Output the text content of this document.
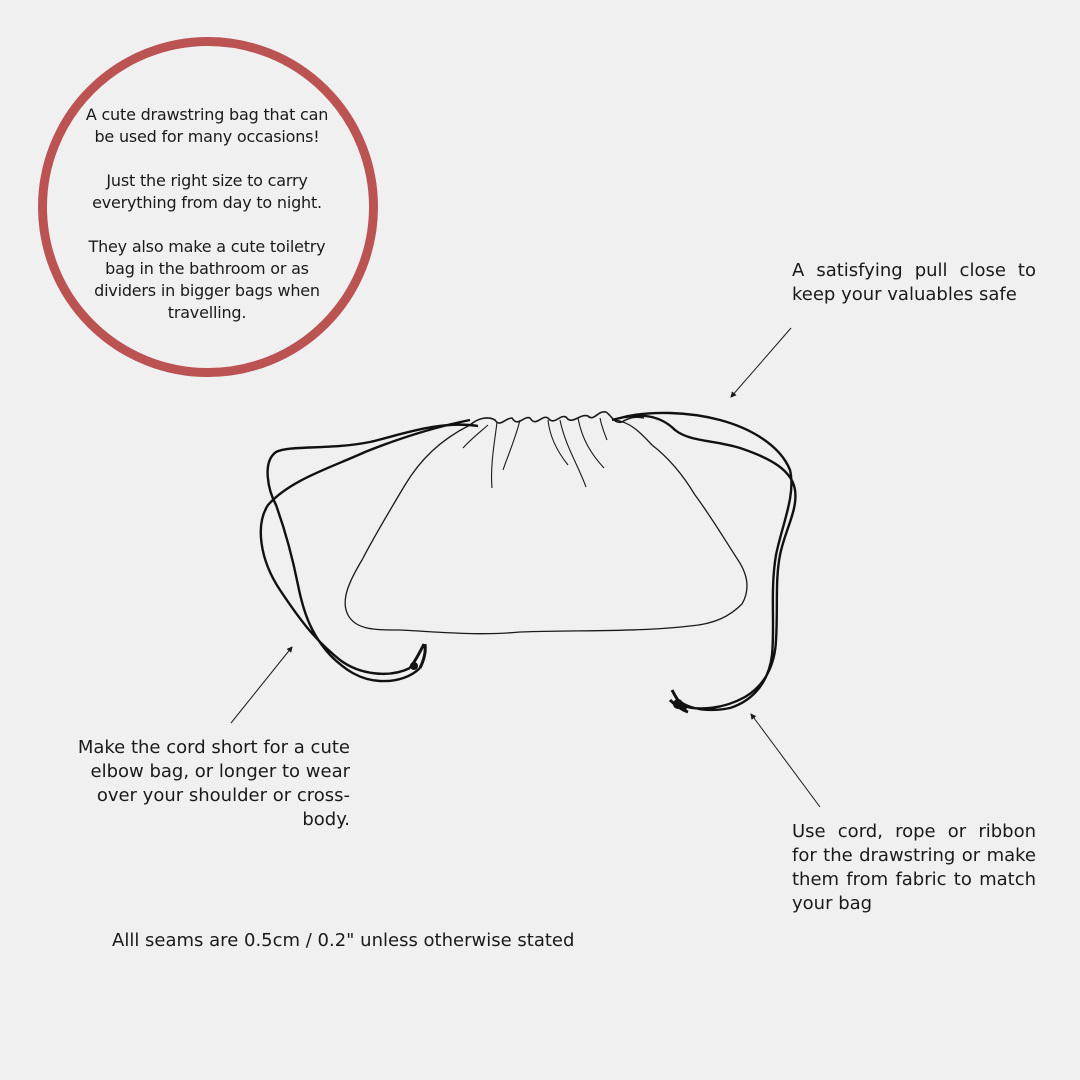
A cute drawstring bag that can be used for many occasions!

Just the right size to carry everything from day to night.

They also make a cute toiletry bag in the bathroom or as dividers in bigger bags when travelling.

A satisfying pull close to keep your valuables safe
Make the cord short for a cute elbow bag, or longer to wear over your shoulder or cross-body.
Use cord, rope or ribbon for the drawstring or make them from fabric to match your bag
Alll seams are 0.5cm / 0.2" unless otherwise stated
